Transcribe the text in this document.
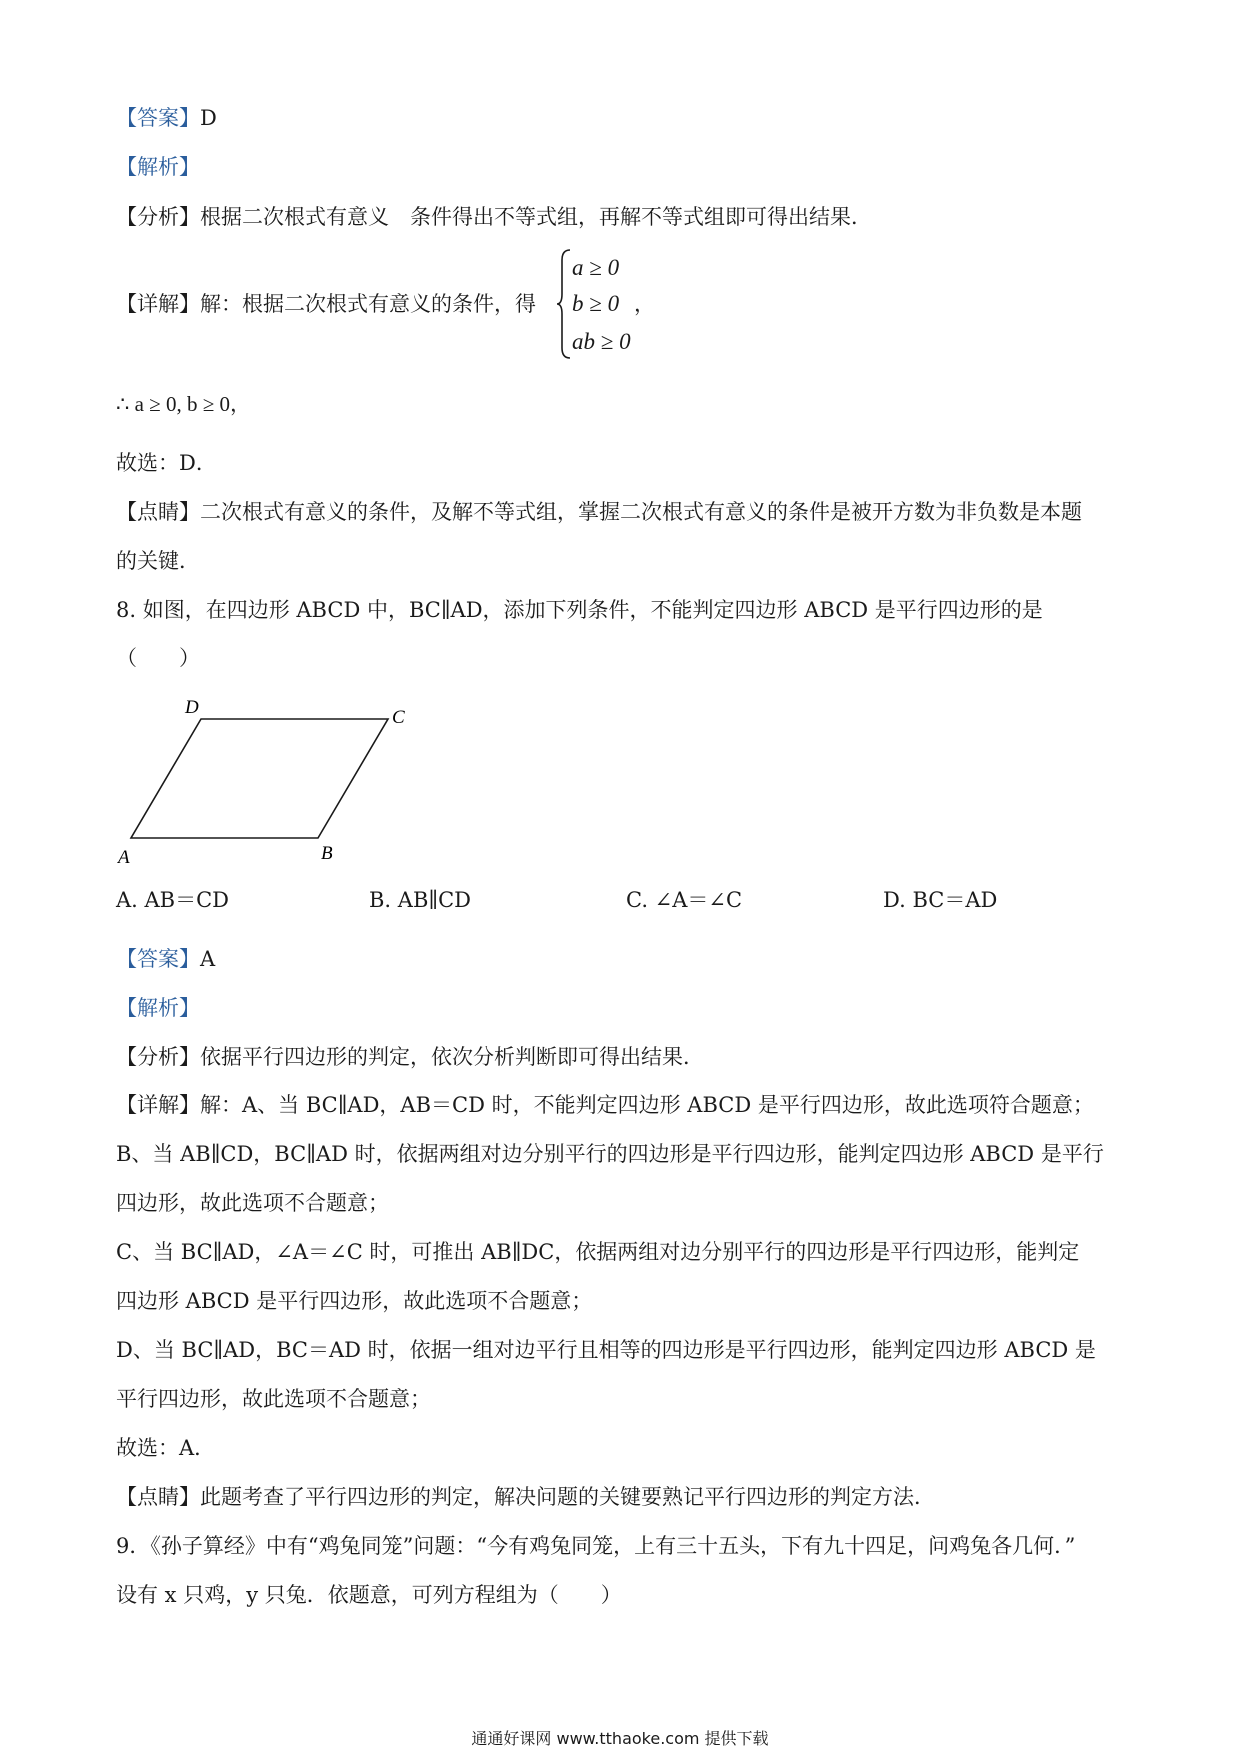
【答案】D
【解析】
【分析】根据二次根式有意义　条件得出不等式组，再解不等式组即可得出结果．
【详解】解：根据二次根式有意义的条件，得
a ≥ 0
b ≥ 0
ab ≥ 0
，
∴ a ≥ 0, b ≥ 0，
故选：D．
【点睛】二次根式有意义的条件，及解不等式组，掌握二次根式有意义的条件是被开方数为非负数是本题
的关键．
8. 如图，在四边形 ABCD 中，BC∥AD，添加下列条件，不能判定四边形 ABCD 是平行四边形的是
（　　）
A	B
C
D
A. AB＝CD	B. AB∥CD	C. ∠A＝∠C	D. BC＝AD
【答案】A
【解析】
【分析】依据平行四边形的判定，依次分析判断即可得出结果．
【详解】解：A、当 BC∥AD，AB＝CD 时，不能判定四边形 ABCD 是平行四边形，故此选项符合题意；
B、当 AB∥CD，BC∥AD 时，依据两组对边分别平行的四边形是平行四边形，能判定四边形 ABCD 是平行
四边形，故此选项不合题意；
C、当 BC∥AD，∠A＝∠C 时，可推出 AB∥DC，依据两组对边分别平行的四边形是平行四边形，能判定
四边形 ABCD 是平行四边形，故此选项不合题意；
D、当 BC∥AD，BC＝AD 时，依据一组对边平行且相等的四边形是平行四边形，能判定四边形 ABCD 是
平行四边形，故此选项不合题意；
故选：A．
【点睛】此题考查了平行四边形的判定，解决问题的关键要熟记平行四边形的判定方法．
9．《孙子算经》中有“鸡兔同笼”问题：“今有鸡兔同笼，上有三十五头，下有九十四足，问鸡兔各几何．”
设有 x 只鸡，y 只兔．依题意，可列方程组为（　　）
通通好课网 www.tthaoke.com 提供下载
